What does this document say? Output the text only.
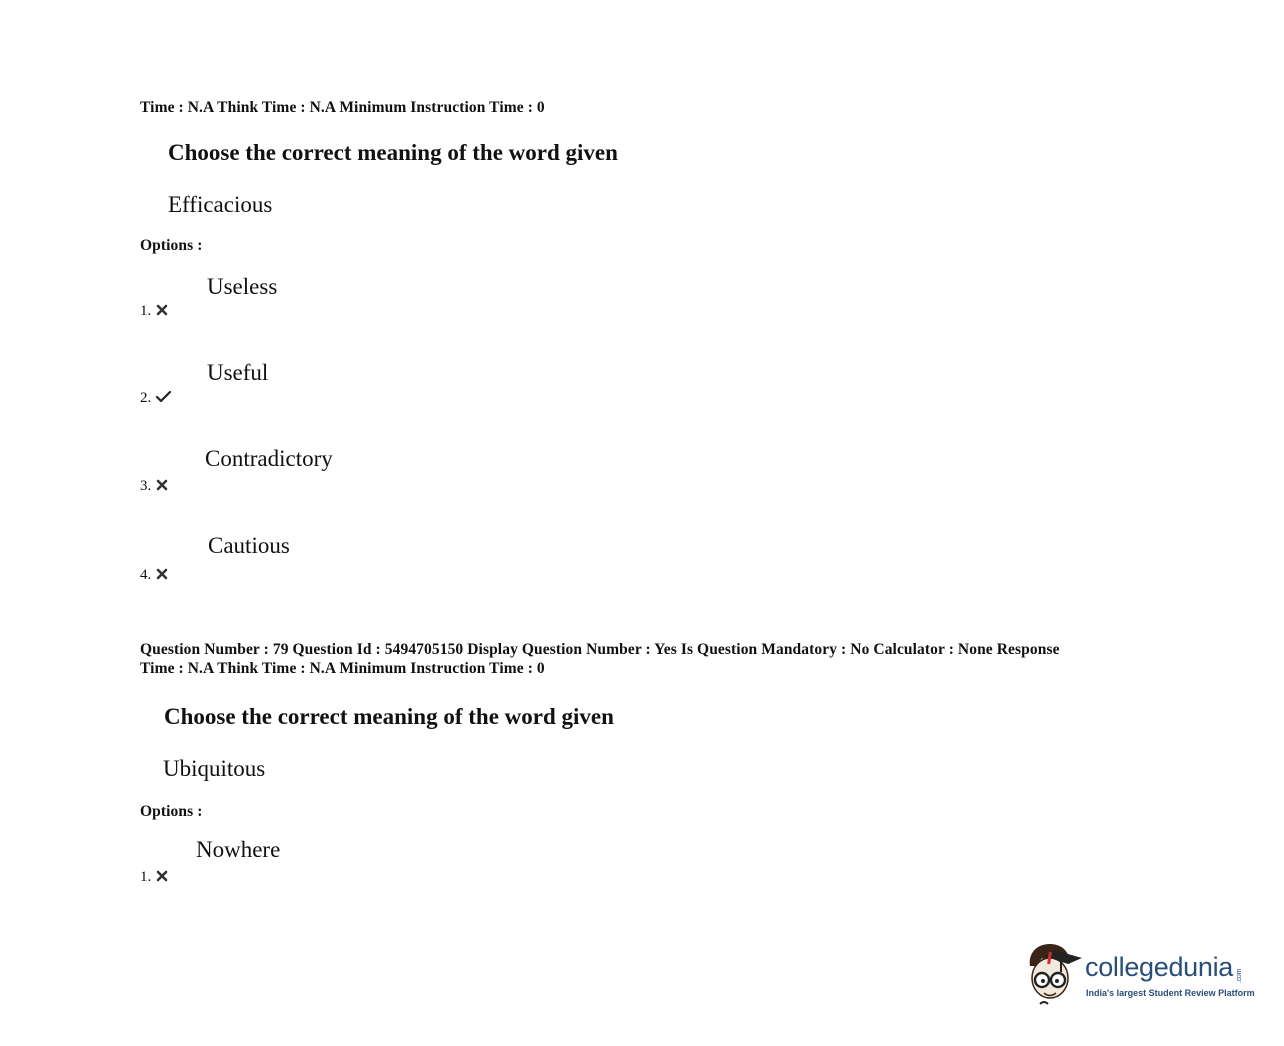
Time : N.A Think Time : N.A Minimum Instruction Time : 0
Choose the correct meaning of the word given
Efficacious
Options :
Useless
1.
Useful
2.
Contradictory
3.
Cautious
4.
Question Number : 79 Question Id : 5494705150 Display Question Number : Yes Is Question Mandatory : No Calculator : None Response
Time : N.A Think Time : N.A Minimum Instruction Time : 0
Choose the correct meaning of the word given
Ubiquitous
Options :
Nowhere
1.
collegedunia .com
India's largest Student Review Platform
